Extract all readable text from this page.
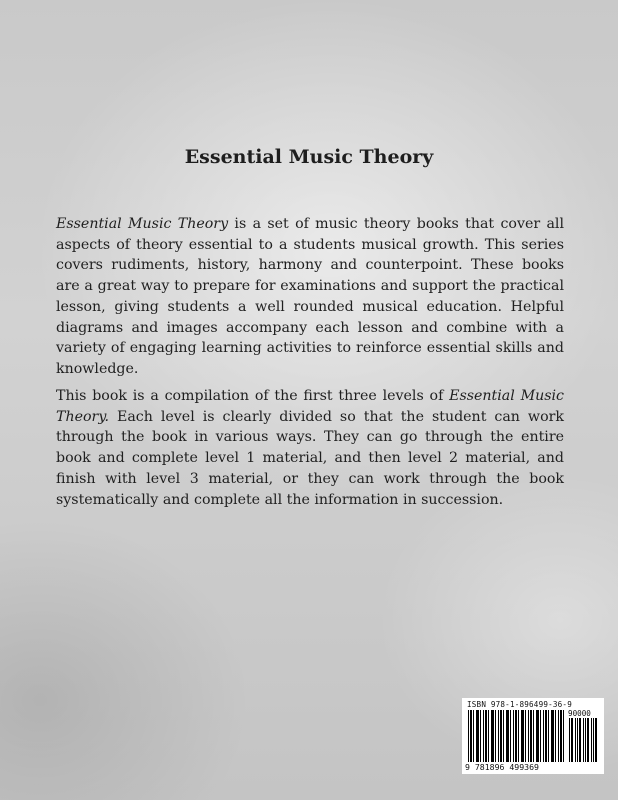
Essential Music Theory

Essential Music Theory is a set of music theory books that cover all aspects of theory essential to a students musical growth. This series covers rudiments, history, harmony and counterpoint. These books are a great way to prepare for examinations and support the practical lesson, giving students a well rounded musical education. Helpful diagrams and images accompany each lesson and combine with a variety of engaging learning activities to reinforce essential skills and knowledge.

This book is a compilation of the first three levels of Essential Music Theory. Each level is clearly divided so that the student can work through the book in various ways. They can go through the entire book and complete level 1 material, and then level 2 material, and finish with level 3 material, or they can work through the book systematically and complete all the information in succession.

ISBN 978-1-896499-36-9
90000
9 781896 499369
